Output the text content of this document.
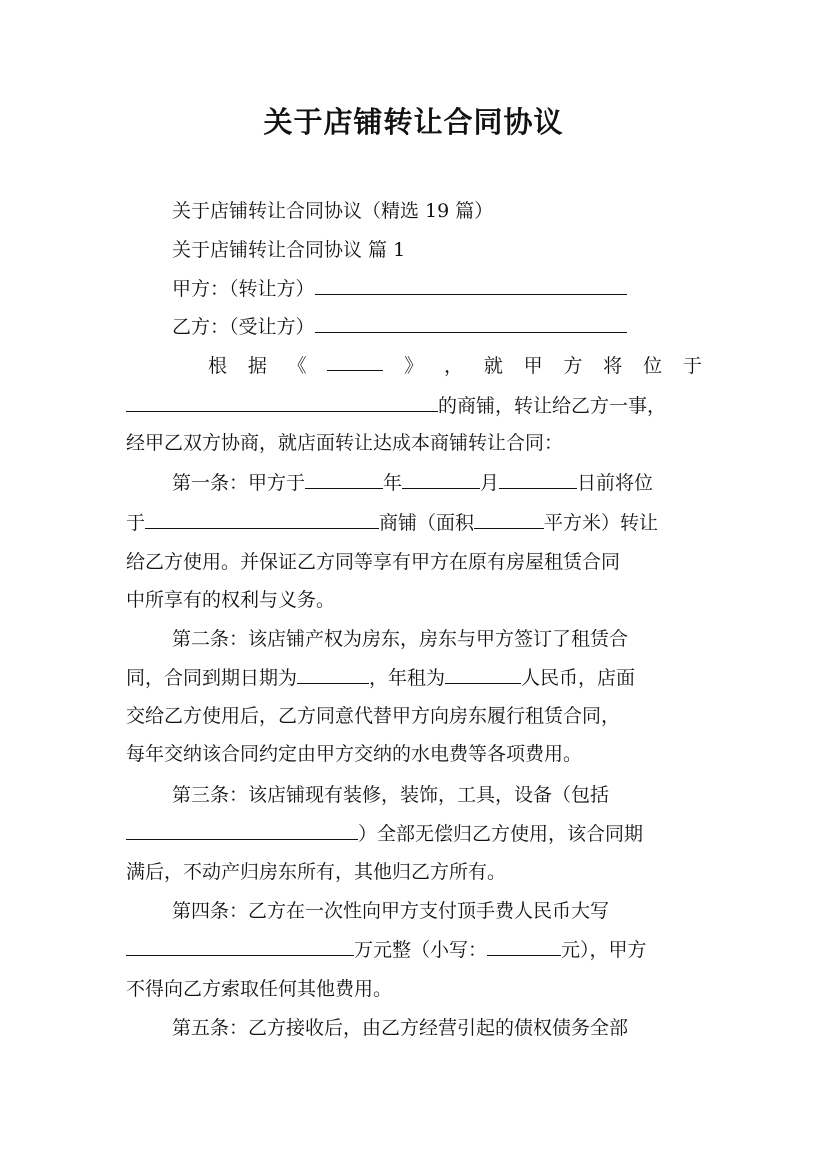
关于店铺转让合同协议
关于店铺转让合同协议（精选 19 篇）
关于店铺转让合同协议 篇 1
甲方：（转让方）
乙方：（受让方）
根 据 《	》 ， 就 甲 方 将 位 于
的商铺，转让给乙方一事，
经甲乙双方协商，就店面转让达成本商铺转让合同：
第一条：甲方于	年	月	日前将位
于	商铺（面积	平方米）转让
给乙方使用。并保证乙方同等享有甲方在原有房屋租赁合同
中所享有的权利与义务。
第二条：该店铺产权为房东，房东与甲方签订了租赁合
同，合同到期日期为	，年租为	人民币，店面
交给乙方使用后，乙方同意代替甲方向房东履行租赁合同，
每年交纳该合同约定由甲方交纳的水电费等各项费用。
第三条：该店铺现有装修，装饰，工具，设备（包括
）全部无偿归乙方使用，该合同期
满后，不动产归房东所有，其他归乙方所有。
第四条：乙方在一次性向甲方支付顶手费人民币大写
万元整（小写：	元），甲方
不得向乙方索取任何其他费用。
第五条：乙方接收后，由乙方经营引起的债权债务全部
